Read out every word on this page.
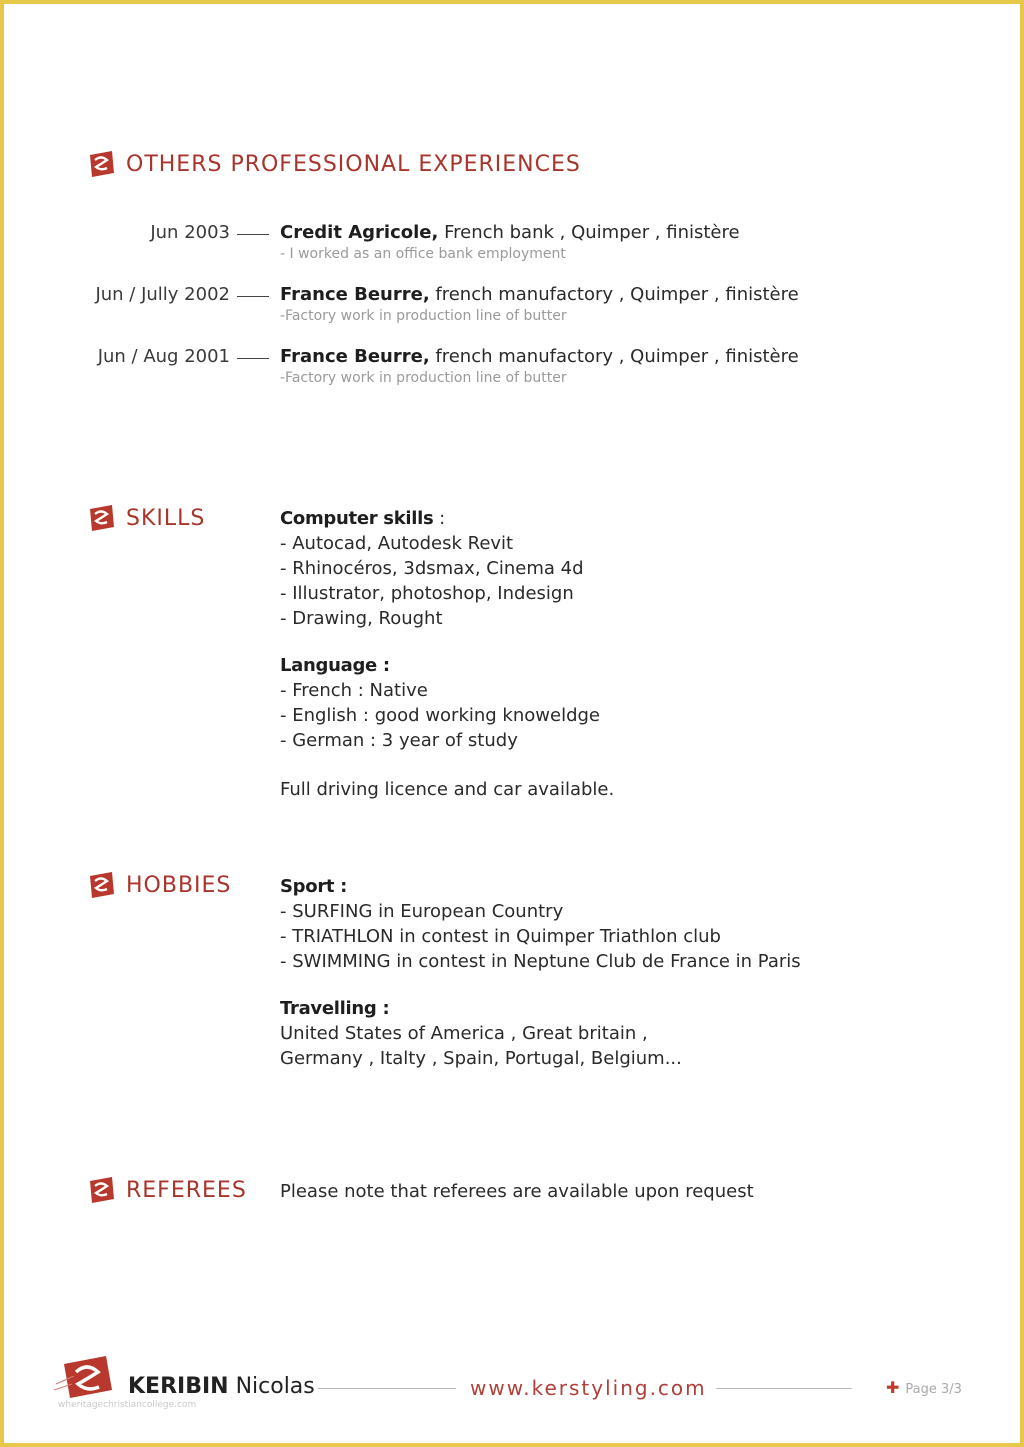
OTHERS PROFESSIONAL EXPERIENCES
Jun 2003	Credit Agricole, French bank , Quimper , finistère
- I worked as an office bank employment
Jun / Jully 2002	France Beurre, french manufactory , Quimper , finistère
-Factory work in production line of butter
Jun / Aug 2001	France Beurre, french manufactory , Quimper , finistère
-Factory work in production line of butter
SKILLS	Computer skills :
- Autocad, Autodesk Revit
- Rhinocéros, 3dsmax, Cinema 4d
- Illustrator, photoshop, Indesign
- Drawing, Rought
Language :
- French : Native
- English : good working knoweldge
- German : 3 year of study
Full driving licence and car available.
HOBBIES	Sport :
- SURFING in European Country
- TRIATHLON in contest in Quimper Triathlon club
- SWIMMING in contest in Neptune Club de France in Paris
Travelling :
United States of America , Great britain ,
Germany , Italty , Spain, Portugal, Belgium...
REFEREES Please note that referees are available upon request
KERIBIN Nicolas	www.kerstyling.com	✚ Page 3/3
wheritagechristiancollege.com
